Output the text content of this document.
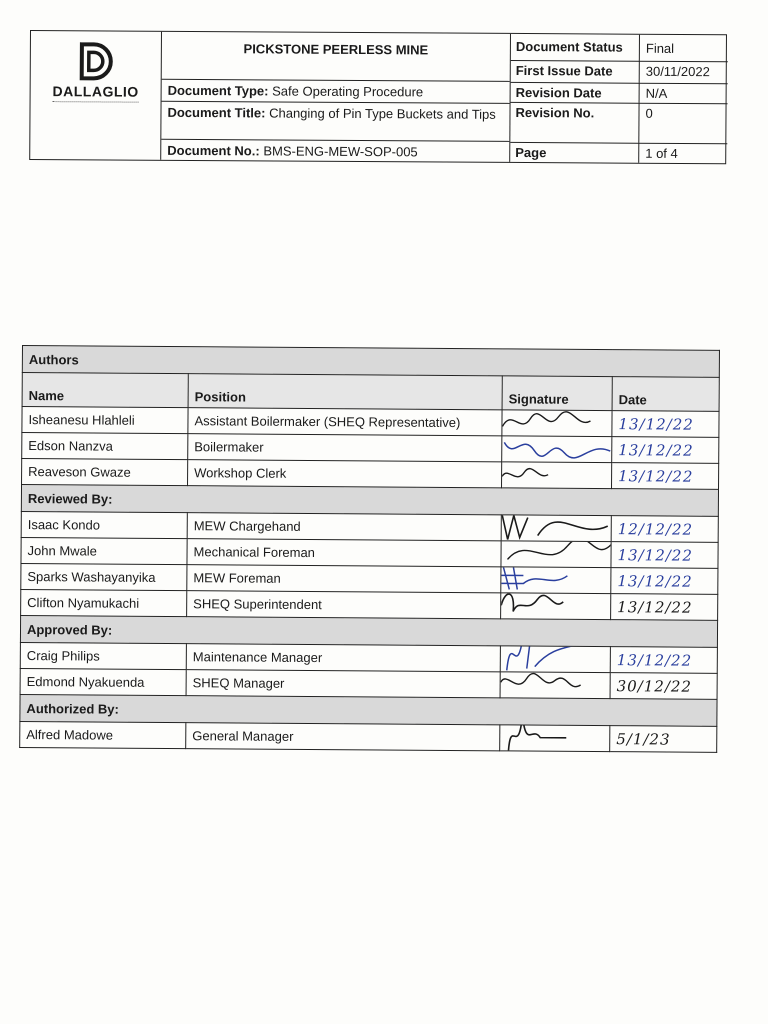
DALLAGLIO
PICKSTONE PEERLESS MINE
Document Type: Safe Operating Procedure
Document Title: Changing of Pin Type Buckets and Tips
Document No.: BMS-ENG-MEW-SOP-005
Document Status	Final
First Issue Date	30/11/2022
Revision Date	N/A
Revision No.	0
Page	1 of 4
Authors			
Name	Position	Signature	Date
Isheanesu Hlahleli	Assistant Boilermaker (SHEQ Representative)		13/12/22
Edson Nanzva	Boilermaker		13/12/22
Reaveson Gwaze	Workshop Clerk		13/12/22
Reviewed By:			
Isaac Kondo	MEW Chargehand		12/12/22
John Mwale	Mechanical Foreman		13/12/22
Sparks Washayanyika	MEW Foreman		13/12/22
Clifton Nyamukachi	SHEQ Superintendent		13/12/22
Approved By:			
Craig Philips	Maintenance Manager		13/12/22
Edmond Nyakuenda	SHEQ Manager		30/12/22
Authorized By:			
Alfred Madowe	General Manager		5/1/23
